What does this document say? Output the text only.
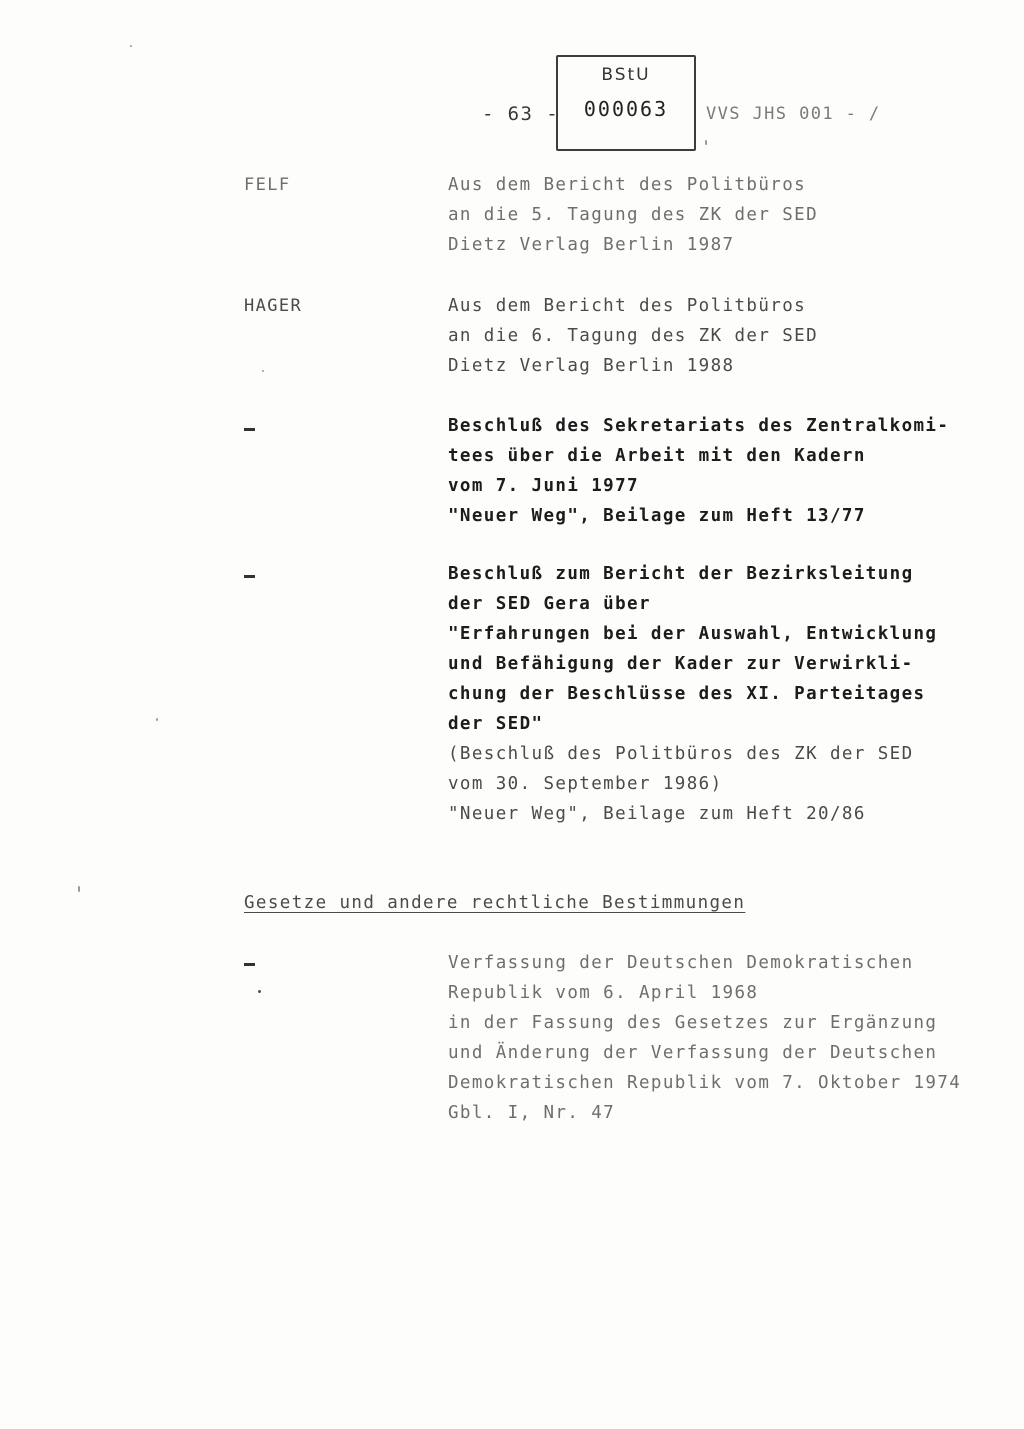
- 63 -
BStU
000063	VVS JHS 001 - /
FELF	Aus dem Bericht des Politbüros
an die 5. Tagung des ZK der SED
Dietz Verlag Berlin 1987
HAGER	Aus dem Bericht des Politbüros
an die 6. Tagung des ZK der SED
Dietz Verlag Berlin 1988
Beschluß des Sekretariats des Zentralkomi-
tees über die Arbeit mit den Kadern
vom 7. Juni 1977
"Neuer Weg", Beilage zum Heft 13/77
Beschluß zum Bericht der Bezirksleitung
der SED Gera über
"Erfahrungen bei der Auswahl, Entwicklung
und Befähigung der Kader zur Verwirkli-
chung der Beschlüsse des XI. Parteitages
der SED"
(Beschluß des Politbüros des ZK der SED
vom 30. September 1986)
"Neuer Weg", Beilage zum Heft 20/86
Gesetze und andere rechtliche Bestimmungen
Verfassung der Deutschen Demokratischen
Republik vom 6. April 1968
in der Fassung des Gesetzes zur Ergänzung
und Änderung der Verfassung der Deutschen
Demokratischen Republik vom 7. Oktober 1974
Gbl. I, Nr. 47
